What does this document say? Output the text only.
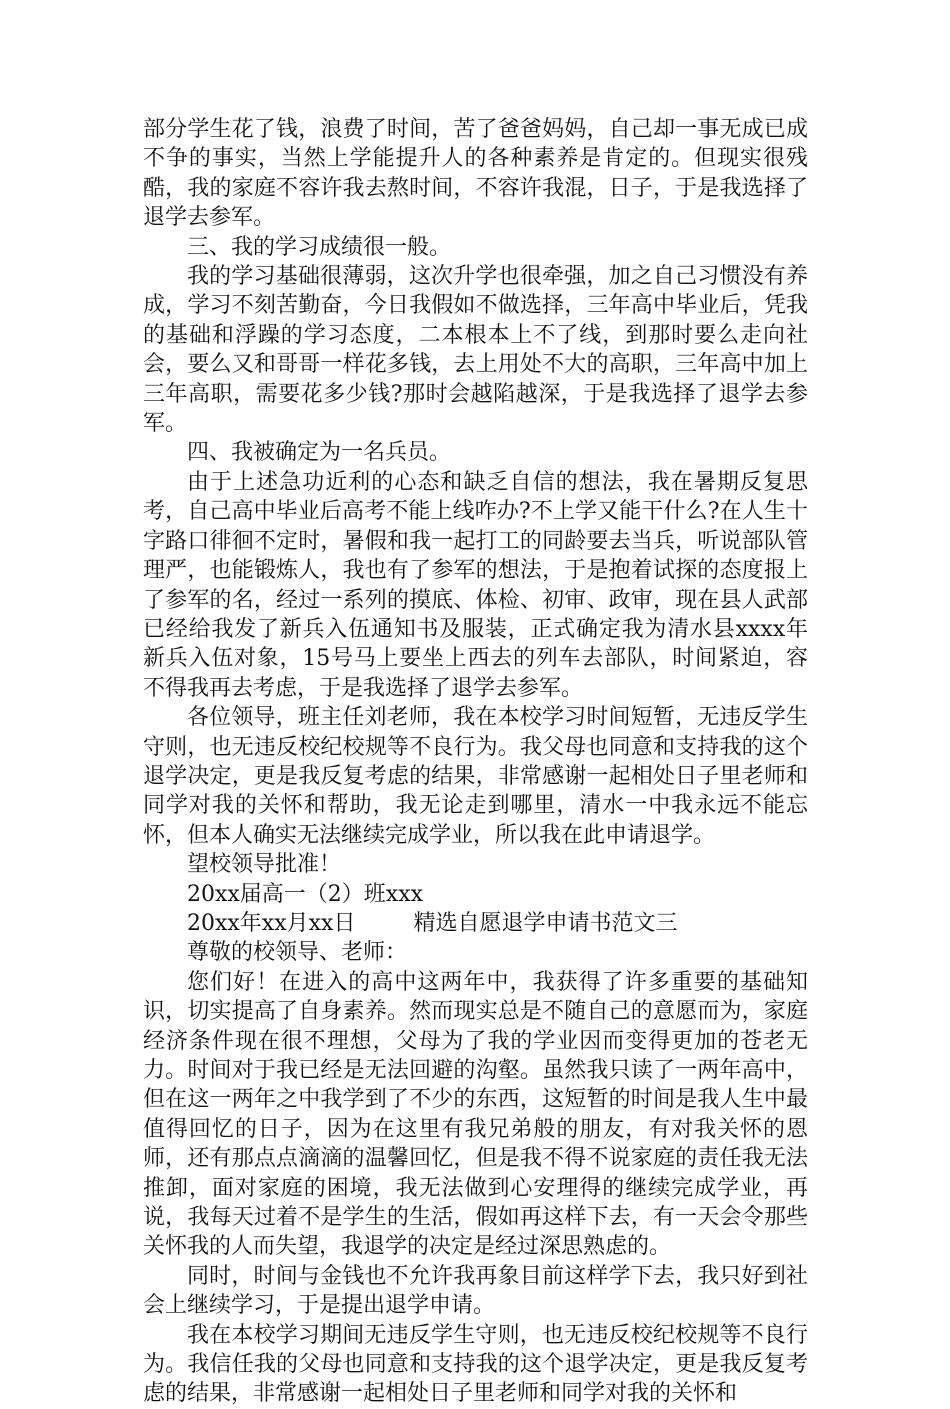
部分学生花了钱，浪费了时间，苦了爸爸妈妈，自己却一事无成已成不争的事实，当然上学能提升人的各种素养是肯定的。但现实很残酷，我的家庭不容许我去熬时间，不容许我混，日子，于是我选择了退学去参军。

三、我的学习成绩很一般。

我的学习基础很薄弱，这次升学也很牵强，加之自己习惯没有养成，学习不刻苦勤奋，今日我假如不做选择，三年高中毕业后，凭我的基础和浮躁的学习态度，二本根本上不了线，到那时要么走向社会，要么又和哥哥一样花多钱，去上用处不大的高职，三年高中加上三年高职，需要花多少钱?那时会越陷越深，于是我选择了退学去参军。

四、我被确定为一名兵员。

由于上述急功近利的心态和缺乏自信的想法，我在暑期反复思考，自己高中毕业后高考不能上线咋办?不上学又能干什么?在人生十字路口徘徊不定时，暑假和我一起打工的同龄要去当兵，听说部队管理严，也能锻炼人，我也有了参军的想法，于是抱着试探的态度报上了参军的名，经过一系列的摸底、体检、初审、政审，现在县人武部已经给我发了新兵入伍通知书及服装，正式确定我为清水县xxxx年新兵入伍对象，15号马上要坐上西去的列车去部队，时间紧迫，容不得我再去考虑，于是我选择了退学去参军。

各位领导，班主任刘老师，我在本校学习时间短暂，无违反学生守则，也无违反校纪校规等不良行为。我父母也同意和支持我的这个退学决定，更是我反复考虑的结果，非常感谢一起相处日子里老师和同学对我的关怀和帮助，我无论走到哪里，清水一中我永远不能忘怀，但本人确实无法继续完成学业，所以我在此申请退学。

望校领导批准！

20xx届高一（2）班xxx

20xx年xx月xx日	精选自愿退学申请书范文三

尊敬的校领导、老师：

您们好！在进入的高中这两年中，我获得了许多重要的基础知识，切实提高了自身素养。然而现实总是不随自己的意愿而为，家庭经济条件现在很不理想，父母为了我的学业因而变得更加的苍老无力。时间对于我已经是无法回避的沟壑。虽然我只读了一两年高中，但在这一两年之中我学到了不少的东西，这短暂的时间是我人生中最值得回忆的日子，因为在这里有我兄弟般的朋友，有对我关怀的恩师，还有那点点滴滴的温馨回忆，但是我不得不说家庭的责任我无法推卸，面对家庭的困境，我无法做到心安理得的继续完成学业，再说，我每天过着不是学生的生活，假如再这样下去，有一天会令那些关怀我的人而失望，我退学的决定是经过深思熟虑的。

同时，时间与金钱也不允许我再象目前这样学下去，我只好到社会上继续学习，于是提出退学申请。

我在本校学习期间无违反学生守则，也无违反校纪校规等不良行为。我信任我的父母也同意和支持我的这个退学决定，更是我反复考虑的结果，非常感谢一起相处日子里老师和同学对我的关怀和
